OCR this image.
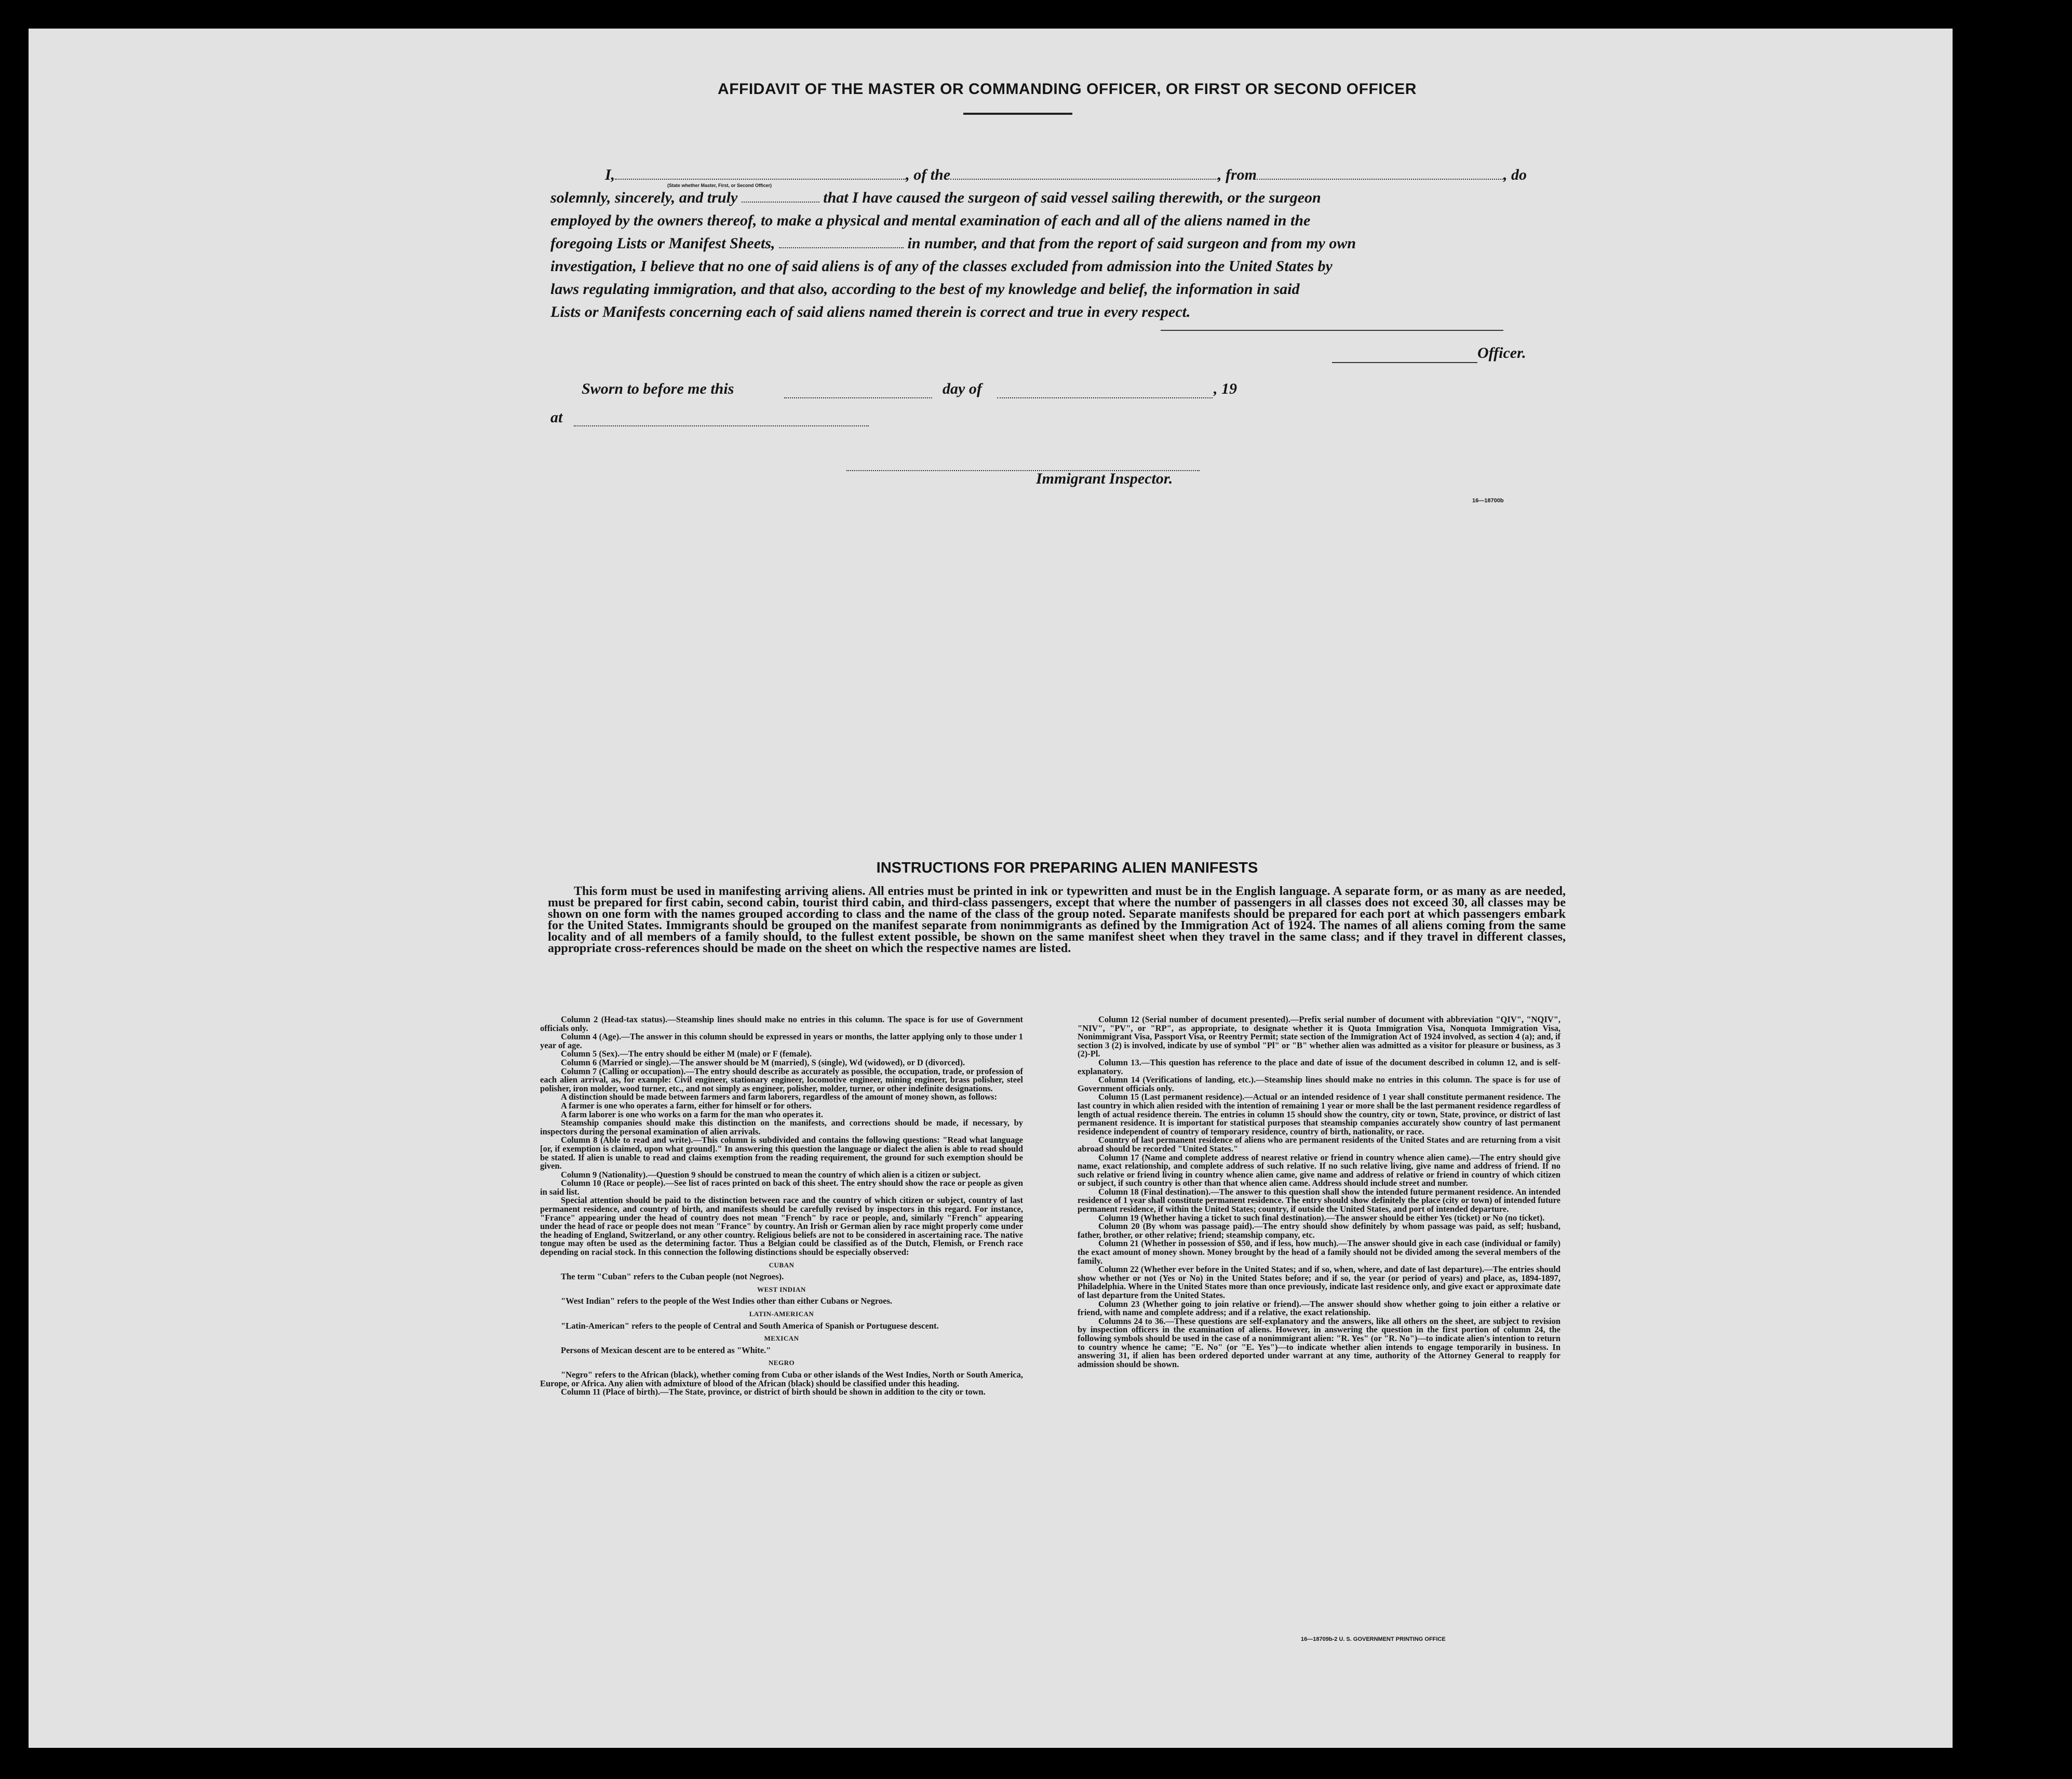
AFFIDAVIT OF THE MASTER OR COMMANDING OFFICER, OR FIRST OR SECOND OFFICER
I,	, of the	, from	, do
(State whether Master, First, or Second Officer)
solemnly, sincerely, and truly	that I have caused the surgeon of said vessel sailing therewith, or the surgeon
employed by the owners thereof, to make a physical and mental examination of each and all of the aliens named in the
foregoing Lists or Manifest Sheets,	in number, and that from the report of said surgeon and from my own
investigation, I believe that no one of said aliens is of any of the classes excluded from admission into the United States by
laws regulating immigration, and that also, according to the best of my knowledge and belief, the information in said
Lists or Manifests concerning each of said aliens named therein is correct and true in every respect.
Officer.
Sworn to before me this	day of	, 19
at
Immigrant Inspector.
16—18700b
INSTRUCTIONS FOR PREPARING ALIEN MANIFESTS
This form must be used in manifesting arriving aliens. All entries must be printed in ink or typewritten and must be in the English language. A separate form, or as many as are needed, must be prepared for first cabin, second cabin, tourist third cabin, and third-class passengers, except that where the number of passengers in all classes does not exceed 30, all classes may be shown on one form with the names grouped according to class and the name of the class of the group noted. Separate manifests should be prepared for each port at which passengers embark for the United States. Immigrants should be grouped on the manifest separate from nonimmigrants as defined by the Immigration Act of 1924. The names of all aliens coming from the same locality and of all members of a family should, to the fullest extent possible, be shown on the same manifest sheet when they travel in the same class; and if they travel in different classes, appropriate cross-references should be made on the sheet on which the respective names are listed.

Column 2 (Head-tax status).—Steamship lines should make no entries in this column. The space is for use of Government officials only.

Column 4 (Age).—The answer in this column should be expressed in years or months, the latter applying only to those under 1 year of age.

Column 5 (Sex).—The entry should be either M (male) or F (female).

Column 6 (Married or single).—The answer should be M (married), S (single), Wd (widowed), or D (divorced).

Column 7 (Calling or occupation).—The entry should describe as accurately as possible, the occupation, trade, or profession of each alien arrival, as, for example: Civil engineer, stationary engineer, locomotive engineer, mining engineer, brass polisher, steel polisher, iron molder, wood turner, etc., and not simply as engineer, polisher, molder, turner, or other indefinite designations.

A distinction should be made between farmers and farm laborers, regardless of the amount of money shown, as follows:

A farmer is one who operates a farm, either for himself or for others.

A farm laborer is one who works on a farm for the man who operates it.

Steamship companies should make this distinction on the manifests, and corrections should be made, if necessary, by inspectors during the personal examination of alien arrivals.

Column 8 (Able to read and write).—This column is subdivided and contains the following questions: "Read what language [or, if exemption is claimed, upon what ground]." In answering this question the language or dialect the alien is able to read should be stated. If alien is unable to read and claims exemption from the reading requirement, the ground for such exemption should be given.

Column 9 (Nationality).—Question 9 should be construed to mean the country of which alien is a citizen or subject.

Column 10 (Race or people).—See list of races printed on back of this sheet. The entry should show the race or people as given in said list.

Special attention should be paid to the distinction between race and the country of which citizen or subject, country of last permanent residence, and country of birth, and manifests should be carefully revised by inspectors in this regard. For instance, "France" appearing under the head of country does not mean "French" by race or people, and, similarly "French" appearing under the head of race or people does not mean "France" by country. An Irish or German alien by race might properly come under the heading of England, Switzerland, or any other country. Religious beliefs are not to be considered in ascertaining race. The native tongue may often be used as the determining factor. Thus a Belgian could be classified as of the Dutch, Flemish, or French race depending on racial stock. In this connection the following distinctions should be especially observed:

CUBAN

The term "Cuban" refers to the Cuban people (not Negroes).

WEST INDIAN

"West Indian" refers to the people of the West Indies other than either Cubans or Negroes.

LATIN-AMERICAN

"Latin-American" refers to the people of Central and South America of Spanish or Portuguese descent.

MEXICAN

Persons of Mexican descent are to be entered as "White."

NEGRO

"Negro" refers to the African (black), whether coming from Cuba or other islands of the West Indies, North or South America, Europe, or Africa. Any alien with admixture of blood of the African (black) should be classified under this heading.

Column 11 (Place of birth).—The State, province, or district of birth should be shown in addition to the city or town.

Column 12 (Serial number of document presented).—Prefix serial number of document with abbreviation "QIV", "NQIV", "NIV", "PV", or "RP", as appropriate, to designate whether it is Quota Immigration Visa, Nonquota Immigration Visa, Nonimmigrant Visa, Passport Visa, or Reentry Permit; state section of the Immigration Act of 1924 involved, as section 4 (a); and, if section 3 (2) is involved, indicate by use of symbol "Pl" or "B" whether alien was admitted as a visitor for pleasure or business, as 3 (2)-Pl.

Column 13.—This question has reference to the place and date of issue of the document described in column 12, and is self-explanatory.

Column 14 (Verifications of landing, etc.).—Steamship lines should make no entries in this column. The space is for use of Government officials only.

Column 15 (Last permanent residence).—Actual or an intended residence of 1 year shall constitute permanent residence. The last country in which alien resided with the intention of remaining 1 year or more shall be the last permanent residence regardless of length of actual residence therein. The entries in column 15 should show the country, city or town, State, province, or district of last permanent residence. It is important for statistical purposes that steamship companies accurately show country of last permanent residence independent of country of temporary residence, country of birth, nationality, or race.

Country of last permanent residence of aliens who are permanent residents of the United States and are returning from a visit abroad should be recorded "United States."

Column 17 (Name and complete address of nearest relative or friend in country whence alien came).—The entry should give name, exact relationship, and complete address of such relative. If no such relative living, give name and address of friend. If no such relative or friend living in country whence alien came, give name and address of relative or friend in country of which citizen or subject, if such country is other than that whence alien came. Address should include street and number.

Column 18 (Final destination).—The answer to this question shall show the intended future permanent residence. An intended residence of 1 year shall constitute permanent residence. The entry should show definitely the place (city or town) of intended future permanent residence, if within the United States; country, if outside the United States, and port of intended departure.

Column 19 (Whether having a ticket to such final destination).—The answer should be either Yes (ticket) or No (no ticket).

Column 20 (By whom was passage paid).—The entry should show definitely by whom passage was paid, as self; husband, father, brother, or other relative; friend; steamship company, etc.

Column 21 (Whether in possession of $50, and if less, how much).—The answer should give in each case (individual or family) the exact amount of money shown. Money brought by the head of a family should not be divided among the several members of the family.

Column 22 (Whether ever before in the United States; and if so, when, where, and date of last departure).—The entries should show whether or not (Yes or No) in the United States before; and if so, the year (or period of years) and place, as, 1894-1897, Philadelphia. Where in the United States more than once previously, indicate last residence only, and give exact or approximate date of last departure from the United States.

Column 23 (Whether going to join relative or friend).—The answer should show whether going to join either a relative or friend, with name and complete address; and if a relative, the exact relationship.

Columns 24 to 36.—These questions are self-explanatory and the answers, like all others on the sheet, are subject to revision by inspection officers in the examination of aliens. However, in answering the question in the first portion of column 24, the following symbols should be used in the case of a nonimmigrant alien: "R. Yes" (or "R. No")—to indicate alien's intention to return to country whence he came; "E. No" (or "E. Yes")—to indicate whether alien intends to engage temporarily in business. In answering 31, if alien has been ordered deported under warrant at any time, authority of the Attorney General to reapply for admission should be shown.

16—18709b-2 U. S. GOVERNMENT PRINTING OFFICE
